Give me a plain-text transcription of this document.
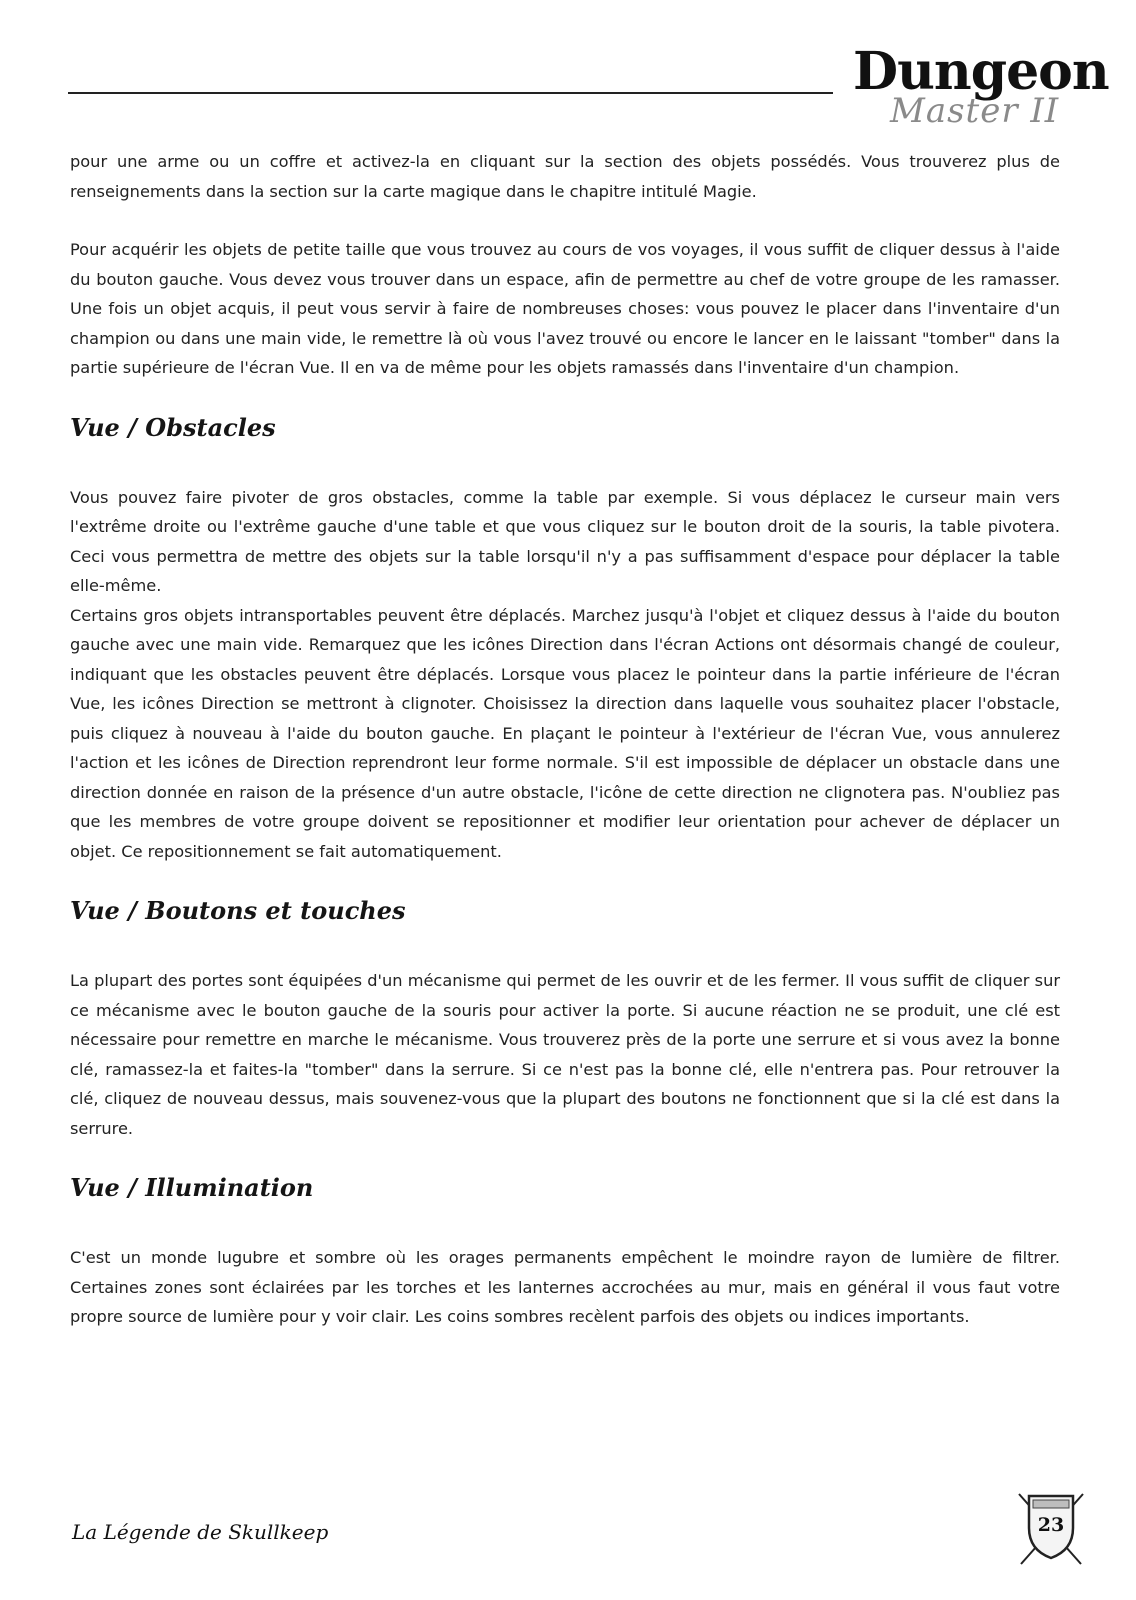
Dungeon
Master II

pour une arme ou un coffre et activez-la en cliquant sur la section des objets possédés. Vous trouverez plus de renseignements dans la section sur la carte magique dans le chapitre intitulé Magie.

Pour acquérir les objets de petite taille que vous trouvez au cours de vos voyages, il vous suffit de cliquer dessus à l'aide du bouton gauche. Vous devez vous trouver dans un espace, afin de permettre au chef de votre groupe de les ramasser. Une fois un objet acquis, il peut vous servir à faire de nombreuses choses: vous pouvez le placer dans l'inventaire d'un champion ou dans une main vide, le remettre là où vous l'avez trouvé ou encore le lancer en le laissant "tomber" dans la partie supérieure de l'écran Vue. Il en va de même pour les objets ramassés dans l'inventaire d'un champion.

Vue / Obstacles

Vous pouvez faire pivoter de gros obstacles, comme la table par exemple. Si vous déplacez le curseur main vers l'extrême droite ou l'extrême gauche d'une table et que vous cliquez sur le bouton droit de la souris, la table pivotera. Ceci vous permettra de mettre des objets sur la table lorsqu'il n'y a pas suffisamment d'espace pour déplacer la table elle-même.

Certains gros objets intransportables peuvent être déplacés. Marchez jusqu'à l'objet et cliquez dessus à l'aide du bouton gauche avec une main vide. Remarquez que les icônes Direction dans l'écran Actions ont désormais changé de couleur, indiquant que les obstacles peuvent être déplacés. Lorsque vous placez le pointeur dans la partie inférieure de l'écran Vue, les icônes Direction se mettront à clignoter. Choisissez la direction dans laquelle vous souhaitez placer l'obstacle, puis cliquez à nouveau à l'aide du bouton gauche. En plaçant le pointeur à l'extérieur de l'écran Vue, vous annulerez l'action et les icônes de Direction reprendront leur forme normale. S'il est impossible de déplacer un obstacle dans une direction donnée en raison de la présence d'un autre obstacle, l'icône de cette direction ne clignotera pas. N'oubliez pas que les membres de votre groupe doivent se repositionner et modifier leur orientation pour achever de déplacer un objet. Ce repositionnement se fait automatiquement.

Vue / Boutons et touches

La plupart des portes sont équipées d'un mécanisme qui permet de les ouvrir et de les fermer. Il vous suffit de cliquer sur ce mécanisme avec le bouton gauche de la souris pour activer la porte. Si aucune réaction ne se produit, une clé est nécessaire pour remettre en marche le mécanisme. Vous trouverez près de la porte une serrure et si vous avez la bonne clé, ramassez-la et faites-la "tomber" dans la serrure. Si ce n'est pas la bonne clé, elle n'entrera pas. Pour retrouver la clé, cliquez de nouveau dessus, mais souvenez-vous que la plupart des boutons ne fonctionnent que si la clé est dans la serrure.

Vue / Illumination

C'est un monde lugubre et sombre où les orages permanents empêchent le moindre rayon de lumière de filtrer. Certaines zones sont éclairées par les torches et les lanternes accrochées au mur, mais en général il vous faut votre propre source de lumière pour y voir clair. Les coins sombres recèlent parfois des objets ou indices importants.

La Légende de Skullkeep	23
